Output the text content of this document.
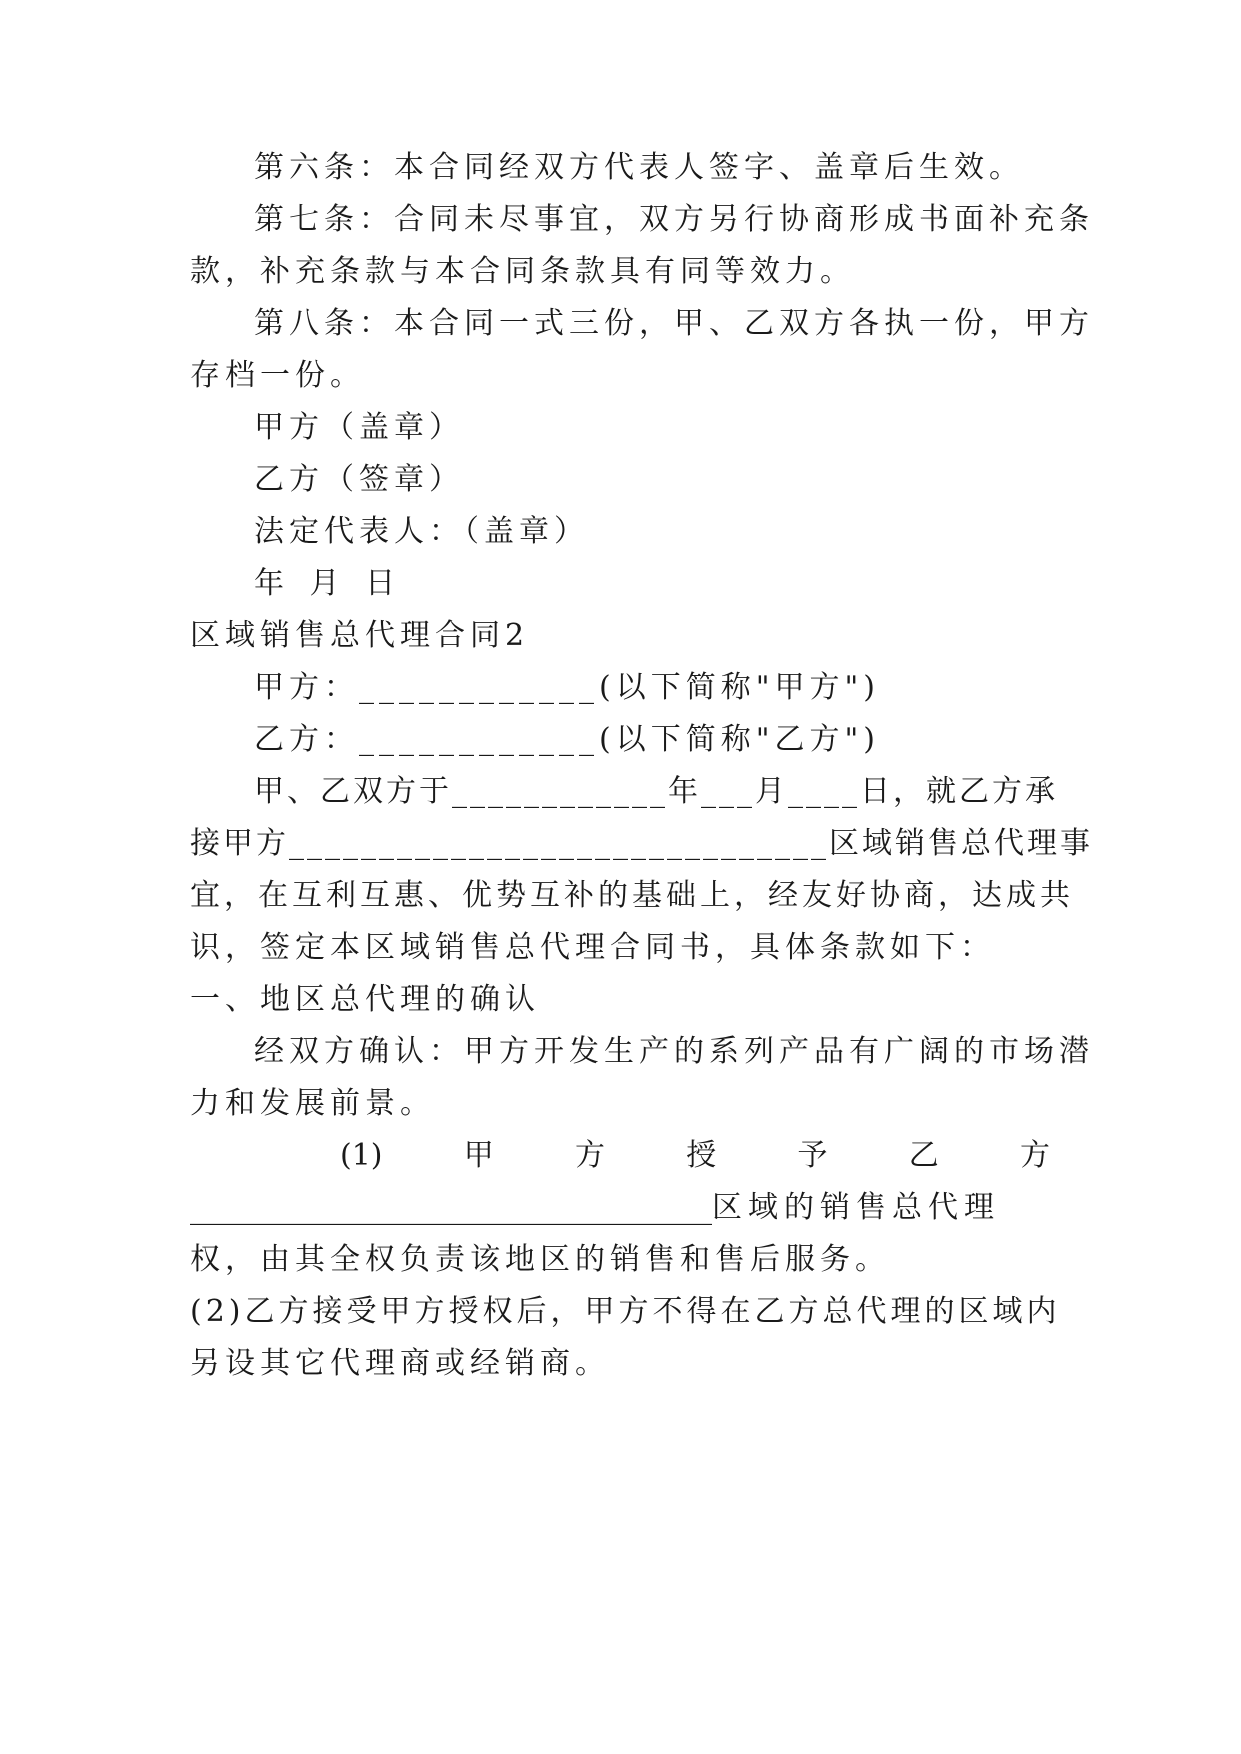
第六条：本合同经双方代表人签字、盖章后生效。
第七条：合同未尽事宜，双方另行协商形成书面补充条
款，补充条款与本合同条款具有同等效力。
第八条：本合同一式三份，甲、乙双方各执一份，甲方
存档一份。
甲方（盖章）
乙方（签章）
法定代表人：（盖章）
年 月 日
区域销售总代理合同2
甲方：____________(以下简称"甲方")
乙方：____________(以下简称"乙方")
甲、乙双方于____________年___月____日，就乙方承
接甲方______________________________区域销售总代理事
宜，在互利互惠、优势互补的基础上，经友好协商，达成共
识，签定本区域销售总代理合同书，具体条款如下：
一、地区总代理的确认
经双方确认：甲方开发生产的系列产品有广阔的市场潜
力和发展前景。
(1)	甲	方	授	予	乙	方
____________________________________ 区域的销售总代理
权，由其全权负责该地区的销售和售后服务。
(2)乙方接受甲方授权后，甲方不得在乙方总代理的区域内
另设其它代理商或经销商。
